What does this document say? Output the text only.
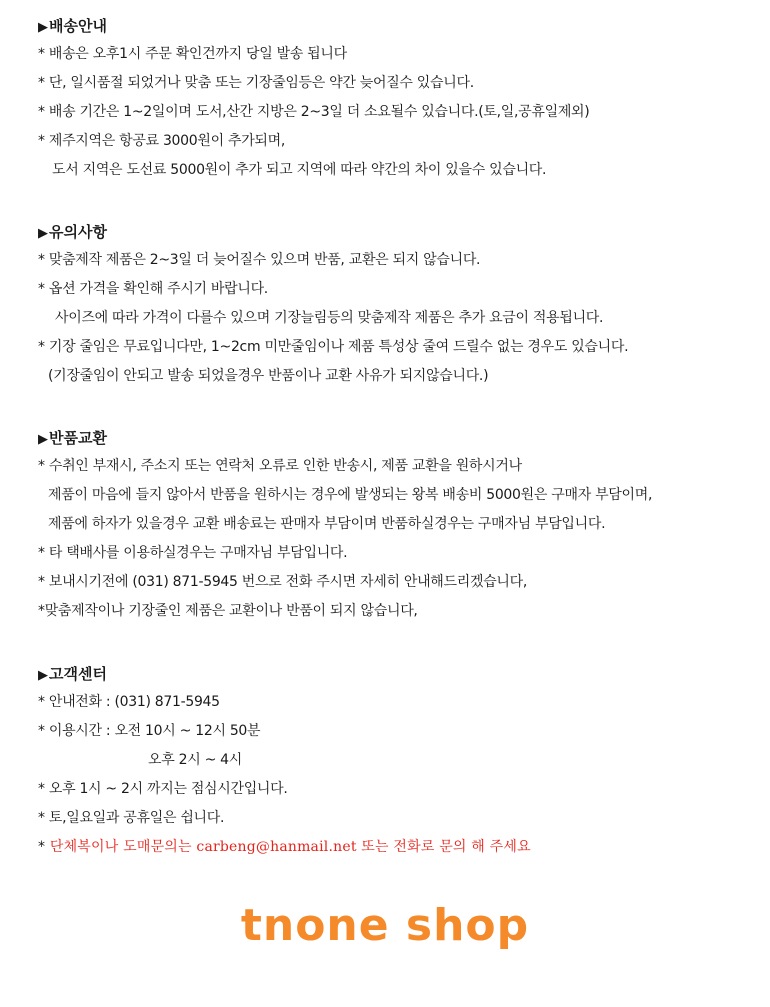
▶배송안내
* 배송은 오후1시 주문 확인건까지 당일 발송 됩니다
* 단, 일시품절 되었거나 맞춤 또는 기장줄임등은 약간 늦어질수 있습니다.
* 배송 기간은 1~2일이며 도서,산간 지방은 2~3일 더 소요될수 있습니다.(토,일,공휴일제외)
* 제주지역은 항공료 3000원이 추가되며,
도서 지역은 도선료 5000원이 추가 되고 지역에 따라 약간의 차이 있을수 있습니다.
▶유의사항
* 맞춤제작 제품은 2~3일 더 늦어질수 있으며 반품, 교환은 되지 않습니다.
* 옵션 가격을 확인해 주시기 바랍니다.
사이즈에 따라 가격이 다를수 있으며 기장늘림등의 맞춤제작 제품은 추가 요금이 적용됩니다.
* 기장 줄임은 무료입니다만, 1~2cm 미만줄임이나 제품 특성상 줄여 드릴수 없는 경우도 있습니다.
(기장줄임이 안되고 발송 되었을경우 반품이나 교환 사유가 되지않습니다.)
▶반품교환
* 수취인 부재시, 주소지 또는 연락처 오류로 인한 반송시, 제품 교환을 원하시거나
제품이 마음에 들지 않아서 반품을 원하시는 경우에 발생되는 왕복 배송비 5000원은 구매자 부담이며,
제품에 하자가 있을경우 교환 배송료는 판매자 부담이며 반품하실경우는 구매자님 부담입니다.
* 타 택배사를 이용하실경우는 구매자님 부담입니다.
* 보내시기전에 (031) 871-5945 번으로 전화 주시면 자세히 안내해드리겠습니다,
*맞춤제작이나 기장줄인 제품은 교환이나 반품이 되지 않습니다,
▶고객센터
* 안내전화 : (031) 871-5945
* 이용시간 : 오전 10시 ~ 12시 50분
오후 2시 ~ 4시
* 오후 1시 ~ 2시 까지는 점심시간입니다.
* 토,일요일과 공휴일은 쉽니다.
* 단체복이나 도매문의는 carbeng@hanmail.net 또는 전화로 문의 해 주세요
tnone shop
